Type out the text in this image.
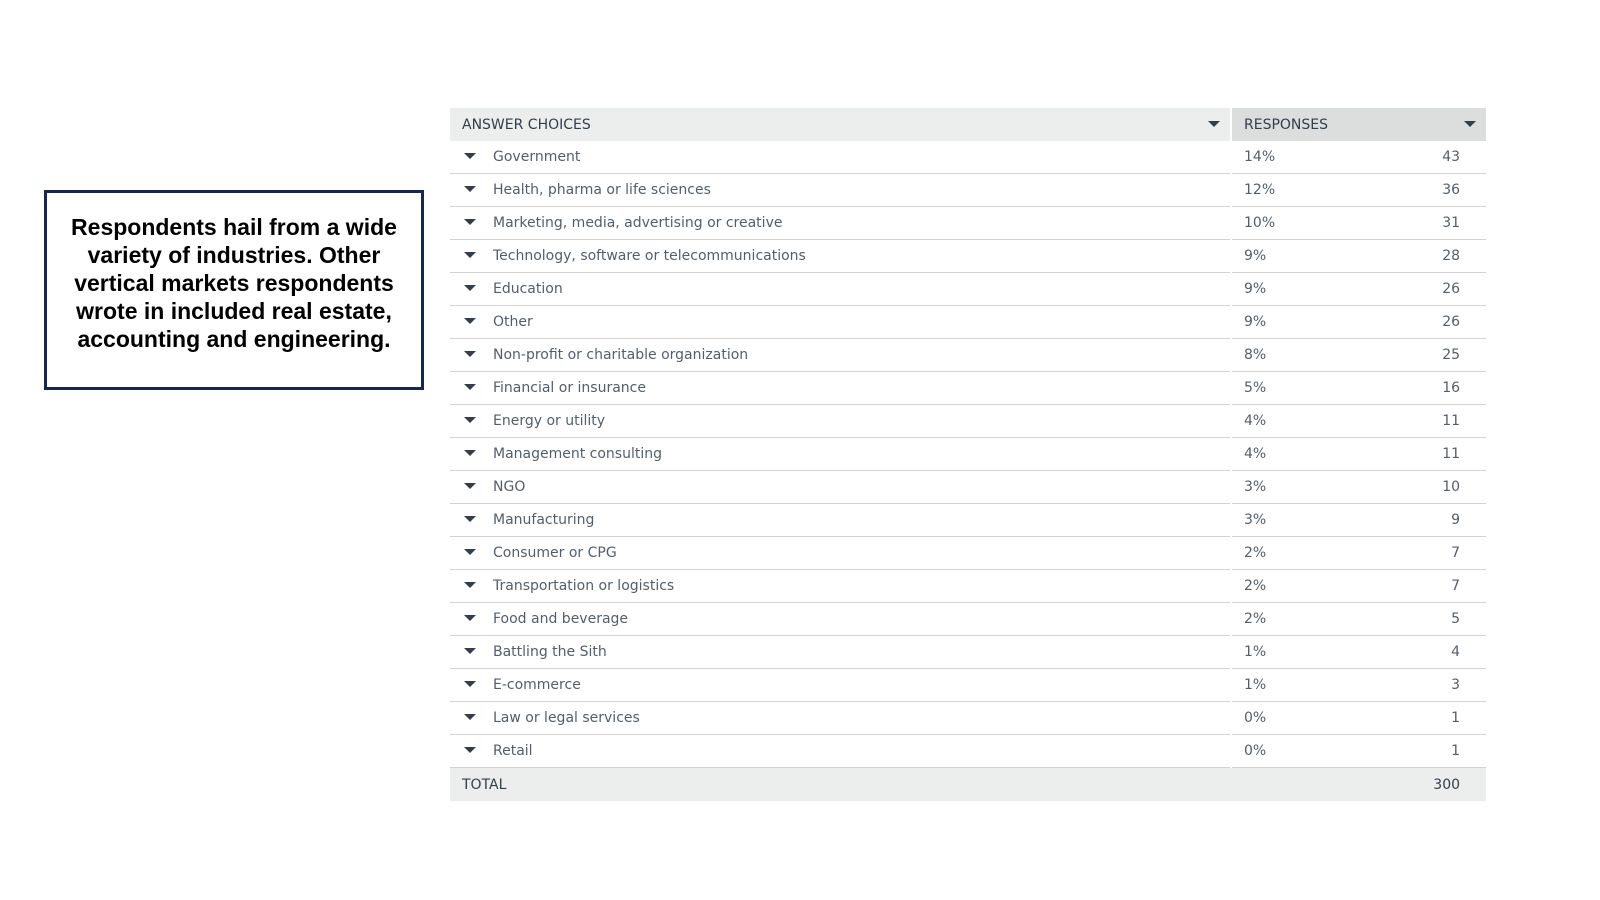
Respondents hail from a wide variety of industries. Other vertical markets respondents wrote in included real estate, accounting and engineering.
ANSWER CHOICES	RESPONSES	

Government	14%	43
Health, pharma or life sciences	12%	36
Marketing, media, advertising or creative	10%	31
Technology, software or telecommunications	9%	28
Education	9%	26
Other	9%	26
Non-profit or charitable organization	8%	25
Financial or insurance	5%	16
Energy or utility	4%	11
Management consulting	4%	11
NGO	3%	10
Manufacturing	3%	9
Consumer or CPG	2%	7
Transportation or logistics	2%	7
Food and beverage	2%	5
Battling the Sith	1%	4
E-commerce	1%	3
Law or legal services	0%	1
Retail	0%	1
TOTAL		300
